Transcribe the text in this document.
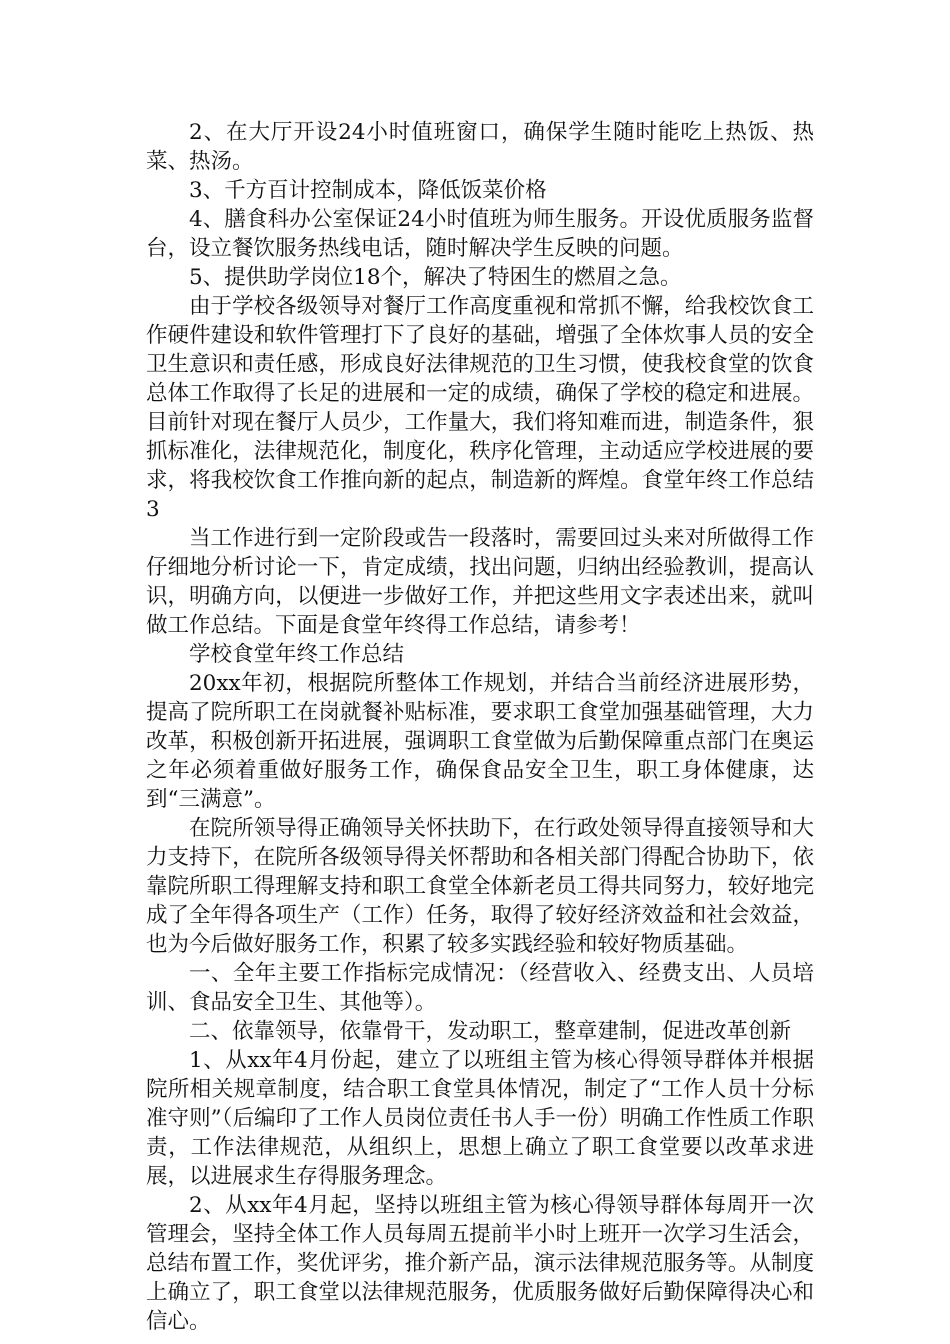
2、在大厅开设24小时值班窗口，确保学生随时能吃上热饭、热菜、热汤。

3、千方百计控制成本，降低饭菜价格

4、膳食科办公室保证24小时值班为师生服务。开设优质服务监督台，设立餐饮服务热线电话，随时解决学生反映的问题。

5、提供助学岗位18个，解决了特困生的燃眉之急。

由于学校各级领导对餐厅工作高度重视和常抓不懈，给我校饮食工作硬件建设和软件管理打下了良好的基础，增强了全体炊事人员的安全卫生意识和责任感，形成良好法律规范的卫生习惯，使我校食堂的饮食总体工作取得了长足的进展和一定的成绩，确保了学校的稳定和进展。目前针对现在餐厅人员少，工作量大，我们将知难而进，制造条件，狠抓标准化，法律规范化，制度化，秩序化管理，主动适应学校进展的要求，将我校饮食工作推向新的起点，制造新的辉煌。食堂年终工作总结3

当工作进行到一定阶段或告一段落时，需要回过头来对所做得工作仔细地分析讨论一下，肯定成绩，找出问题，归纳出经验教训，提高认识，明确方向，以便进一步做好工作，并把这些用文字表述出来，就叫做工作总结。下面是食堂年终得工作总结，请参考！

学校食堂年终工作总结

20xx年初，根据院所整体工作规划，并结合当前经济进展形势，提高了院所职工在岗就餐补贴标准，要求职工食堂加强基础管理，大力改革，积极创新开拓进展，强调职工食堂做为后勤保障重点部门在奥运之年必须着重做好服务工作，确保食品安全卫生，职工身体健康，达到“三满意”。

在院所领导得正确领导关怀扶助下，在行政处领导得直接领导和大力支持下，在院所各级领导得关怀帮助和各相关部门得配合协助下，依靠院所职工得理解支持和职工食堂全体新老员工得共同努力，较好地完成了全年得各项生产（工作）任务，取得了较好经济效益和社会效益，也为今后做好服务工作，积累了较多实践经验和较好物质基础。

一、全年主要工作指标完成情况：（经营收入、经费支出、人员培训、食品安全卫生、其他等）。

二、依靠领导，依靠骨干，发动职工，整章建制，促进改革创新

1、从xx年4月份起，建立了以班组主管为核心得领导群体并根据院所相关规章制度，结合职工食堂具体情况，制定了“工作人员十分标准守则”（后编印了工作人员岗位责任书人手一份）明确工作性质工作职责，工作法律规范，从组织上，思想上确立了职工食堂要以改革求进展，以进展求生存得服务理念。

2、从xx年4月起，坚持以班组主管为核心得领导群体每周开一次管理会，坚持全体工作人员每周五提前半小时上班开一次学习生活会，总结布置工作，奖优评劣，推介新产品，演示法律规范服务等。从制度上确立了，职工食堂以法律规范服务，优质服务做好后勤保障得决心和信心。
